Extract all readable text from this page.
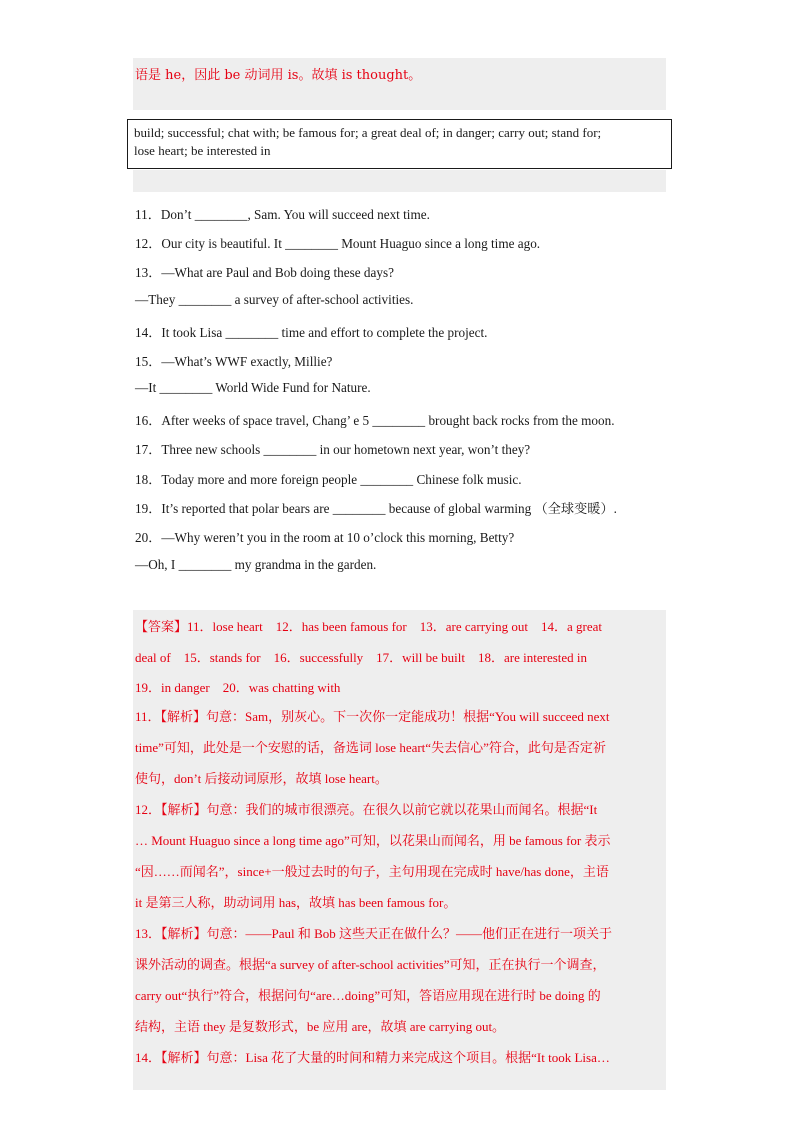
语是 he，因此 be 动词用 is。故填 is thought。
build; successful; chat with; be famous for; a great deal of; in danger; carry out; stand for;
lose heart; be interested in
11．Don’t ________, Sam. You will succeed next time.
12．Our city is beautiful. It ________ Mount Huaguo since a long time ago.
13．—What are Paul and Bob doing these days?
—They ________ a survey of after-school activities.
14．It took Lisa ________ time and effort to complete the project.
15．—What’s WWF exactly, Millie?
—It ________ World Wide Fund for Nature.
16．After weeks of space travel, Chang’ e 5 ________ brought back rocks from the moon.
17．Three new schools ________ in our hometown next year, won’t they?
18．Today more and more foreign people ________ Chinese folk music.
19．It’s reported that polar bears are ________ because of global warming （全球变暖）.
20．—Why weren’t you in the room at 10 o’clock this morning, Betty?
—Oh, I ________ my grandma in the garden.
【答案】11．lose heart　12．has been famous for　13．are carrying out　14．a great
deal of　15．stands for　16．successfully　17．will be built　18．are interested in
19．in danger　20．was chatting with
11．【解析】句意：Sam，别灰心。下一次你一定能成功！根据“You will succeed next
time”可知，此处是一个安慰的话，备选词 lose heart“失去信心”符合，此句是否定祈
使句，don’t 后接动词原形，故填 lose heart。
12．【解析】句意：我们的城市很漂亮。在很久以前它就以花果山而闻名。根据“It
… Mount Huaguo since a long time ago”可知，以花果山而闻名，用 be famous for 表示
“因……而闻名”，since+一般过去时的句子，主句用现在完成时 have/has done，主语
it 是第三人称，助动词用 has，故填 has been famous for。
13．【解析】句意：——Paul 和 Bob 这些天正在做什么？——他们正在进行一项关于
课外活动的调查。根据“a survey of after-school activities”可知，正在执行一个调查，
carry out“执行”符合，根据问句“are…doing”可知，答语应用现在进行时 be doing 的
结构，主语 they 是复数形式，be 应用 are，故填 are carrying out。
14．【解析】句意：Lisa 花了大量的时间和精力来完成这个项目。根据“It took Lisa…
